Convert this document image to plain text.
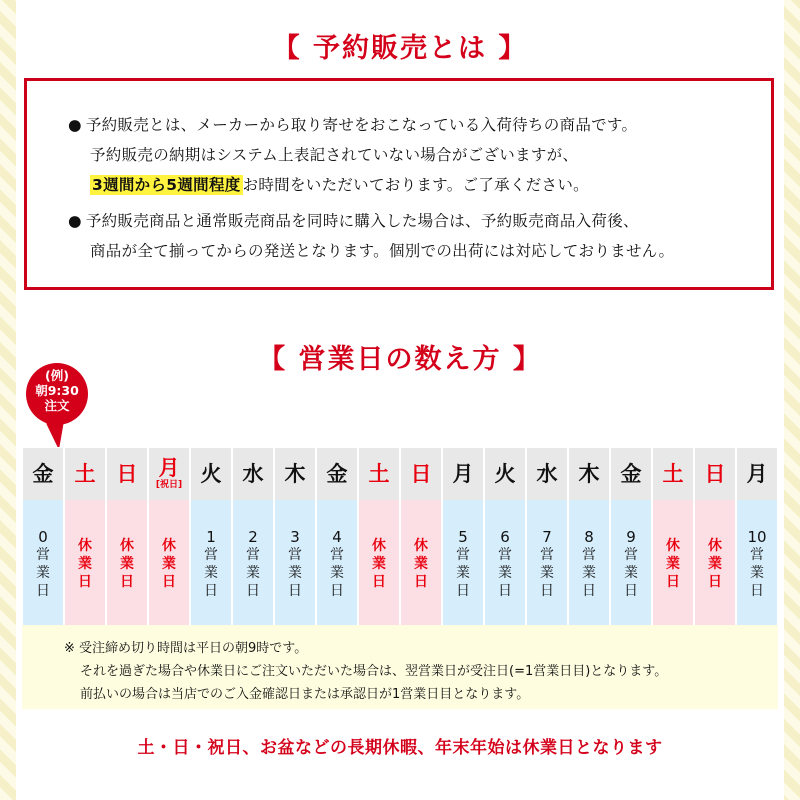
【 予約販売とは 】
● 予約販売とは、メーカーから取り寄せをおこなっている入荷待ちの商品です。
予約販売の納期はシステム上表記されていない場合がございますが、
3週間から5週間程度 お時間をいただいております。ご了承ください。
● 予約販売商品と通常販売商品を同時に購入した場合は、予約販売商品入荷後、
商品が全て揃ってからの発送となります。個別での出荷には対応しておりません。
【 営業日の数え方 】
(例)
朝9:30
注文
金
0
営
業
日
土
休
業
日
日
休
業
日
月
[祝日]
休
業
日
火
1
営
業
日
水
2
営
業
日
木
3
営
業
日
金
4
営
業
日
土
休
業
日
日
休
業
日
月
5
営
業
日
火
6
営
業
日
水
7
営
業
日
木
8
営
業
日
金
9
営
業
日
土
休
業
日
日
休
業
日
月
10
営
業
日
※ 受注締め切り時間は平日の朝9時です。
それを過ぎた場合や休業日にご注文いただいた場合は、翌営業日が受注日(=1営業日目)となります。
前払いの場合は当店でのご入金確認日または承認日が1営業日目となります。
土・日・祝日、お盆などの長期休暇、年末年始は休業日となります
